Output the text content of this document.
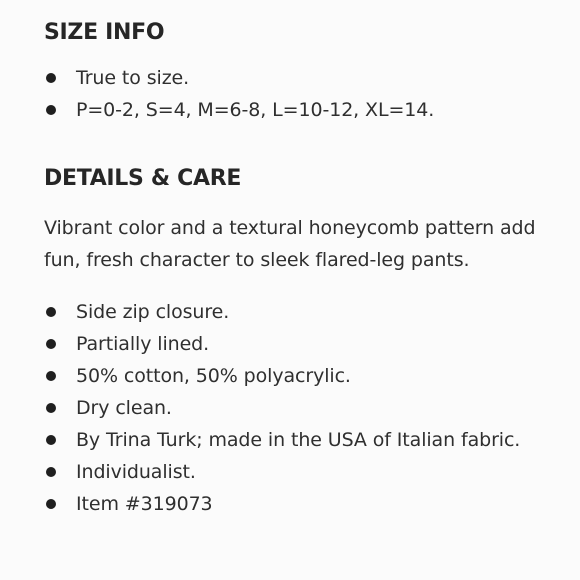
SIZE INFO
True to size.
P=0-2, S=4, M=6-8, L=10-12, XL=14.
DETAILS & CARE

Vibrant color and a textural honeycomb pattern add fun, fresh character to sleek flared-leg pants.

Side zip closure.
Partially lined.
50% cotton, 50% polyacrylic.
Dry clean.
By Trina Turk; made in the USA of Italian fabric.
Individualist.
Item #319073
